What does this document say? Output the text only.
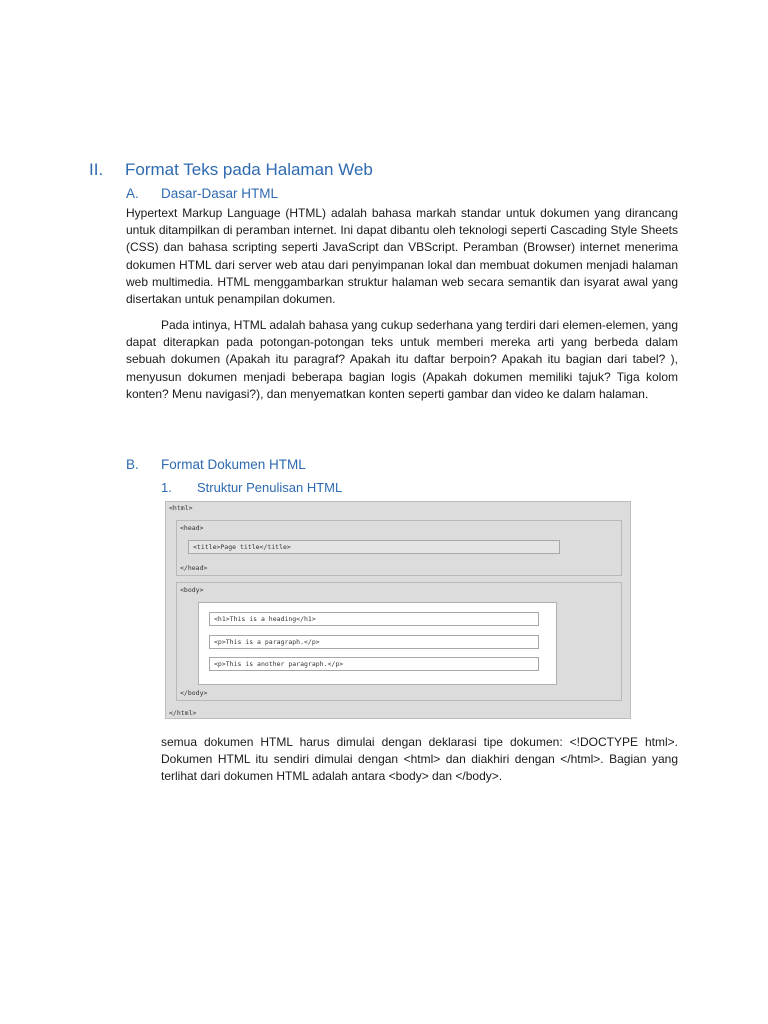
II. Format Teks pada Halaman Web
A. Dasar-Dasar HTML

Hypertext Markup Language (HTML) adalah bahasa markah standar untuk dokumen yang dirancang untuk ditampilkan di peramban internet. Ini dapat dibantu oleh teknologi seperti Cascading Style Sheets (CSS) dan bahasa scripting seperti JavaScript dan VBScript. Peramban (Browser) internet menerima dokumen HTML dari server web atau dari penyimpanan lokal dan membuat dokumen menjadi halaman web multimedia. HTML menggambarkan struktur halaman web secara semantik dan isyarat awal yang disertakan untuk penampilan dokumen.

Pada intinya, HTML adalah bahasa yang cukup sederhana yang terdiri dari elemen-elemen, yang dapat diterapkan pada potongan-potongan teks untuk memberi mereka arti yang berbeda dalam sebuah dokumen (Apakah itu paragraf? Apakah itu daftar berpoin? Apakah itu bagian dari tabel? ), menyusun dokumen menjadi beberapa bagian logis (Apakah dokumen memiliki tajuk? Tiga kolom konten? Menu navigasi?), dan menyematkan konten seperti gambar dan video ke dalam halaman.

B. Format Dokumen HTML
1. Struktur Penulisan HTML
<html>
<head>
<title>Page title</title>
</head>
<body>
<h1>This is a heading</h1>
<p>This is a paragraph.</p>
<p>This is another paragraph.</p>
</body>
</html>

semua dokumen HTML harus dimulai dengan deklarasi tipe dokumen: <!DOCTYPE html>. Dokumen HTML itu sendiri dimulai dengan <html> dan diakhiri dengan </html>. Bagian yang terlihat dari dokumen HTML adalah antara <body> dan </body>.
